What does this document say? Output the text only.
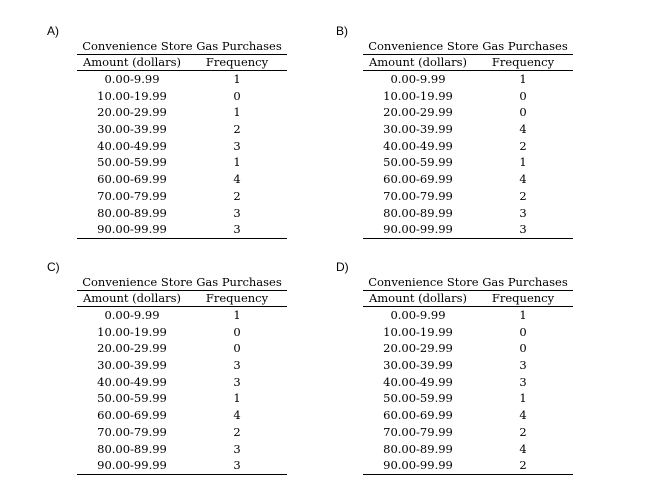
A)
Convenience Store Gas Purchases
Amount (dollars)	Frequency
0.00-9.99	1
10.00-19.99	0
20.00-29.99	1
30.00-39.99	2
40.00-49.99	3
50.00-59.99	1
60.00-69.99	4
70.00-79.99	2
80.00-89.99	3
90.00-99.99	3
B)
Convenience Store Gas Purchases
Amount (dollars)	Frequency
0.00-9.99	1
10.00-19.99	0
20.00-29.99	0
30.00-39.99	4
40.00-49.99	2
50.00-59.99	1
60.00-69.99	4
70.00-79.99	2
80.00-89.99	3
90.00-99.99	3
C)
Convenience Store Gas Purchases
Amount (dollars)	Frequency
0.00-9.99	1
10.00-19.99	0
20.00-29.99	0
30.00-39.99	3
40.00-49.99	3
50.00-59.99	1
60.00-69.99	4
70.00-79.99	2
80.00-89.99	3
90.00-99.99	3
D)
Convenience Store Gas Purchases
Amount (dollars)	Frequency
0.00-9.99	1
10.00-19.99	0
20.00-29.99	0
30.00-39.99	3
40.00-49.99	3
50.00-59.99	1
60.00-69.99	4
70.00-79.99	2
80.00-89.99	4
90.00-99.99	2
